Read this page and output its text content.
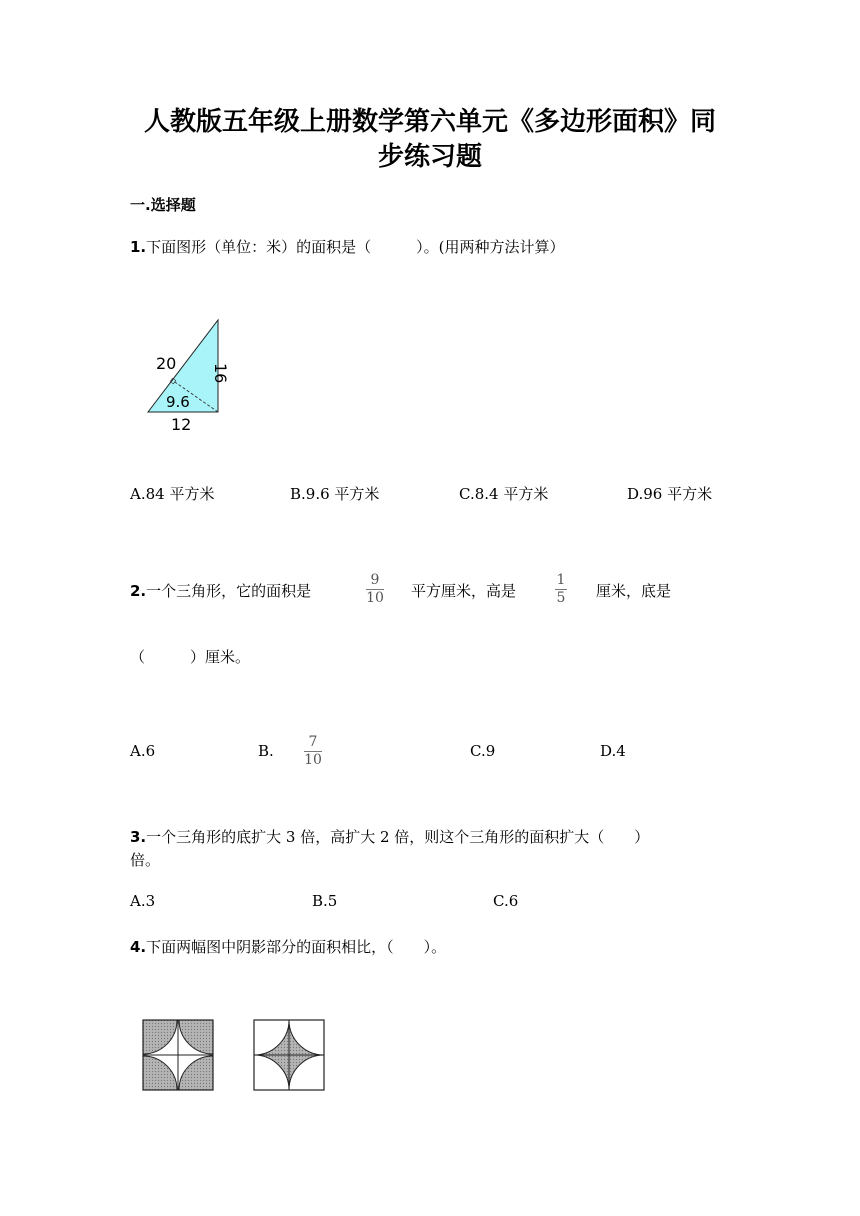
人教版五年级上册数学第六单元《多边形面积》同
步练习题
一.选择题
1.下面图形（单位：米）的面积是（　　　）。(用两种方法计算）
20 16
9.6
12
A.84 平方米	B.9.6 平方米	C.8.4 平方米	D.96 平方米
2.一个三角形，它的面积是
9
10 平方厘米，高是
1
5 厘米，底是
（　　　）厘米。
A.6	B. 7
10	C.9	D.4
3.一个三角形的底扩大 3 倍，高扩大 2 倍，则这个三角形的面积扩大（　　）
倍。
A.3	B.5	C.6
4.下面两幅图中阴影部分的面积相比，（　　）。
